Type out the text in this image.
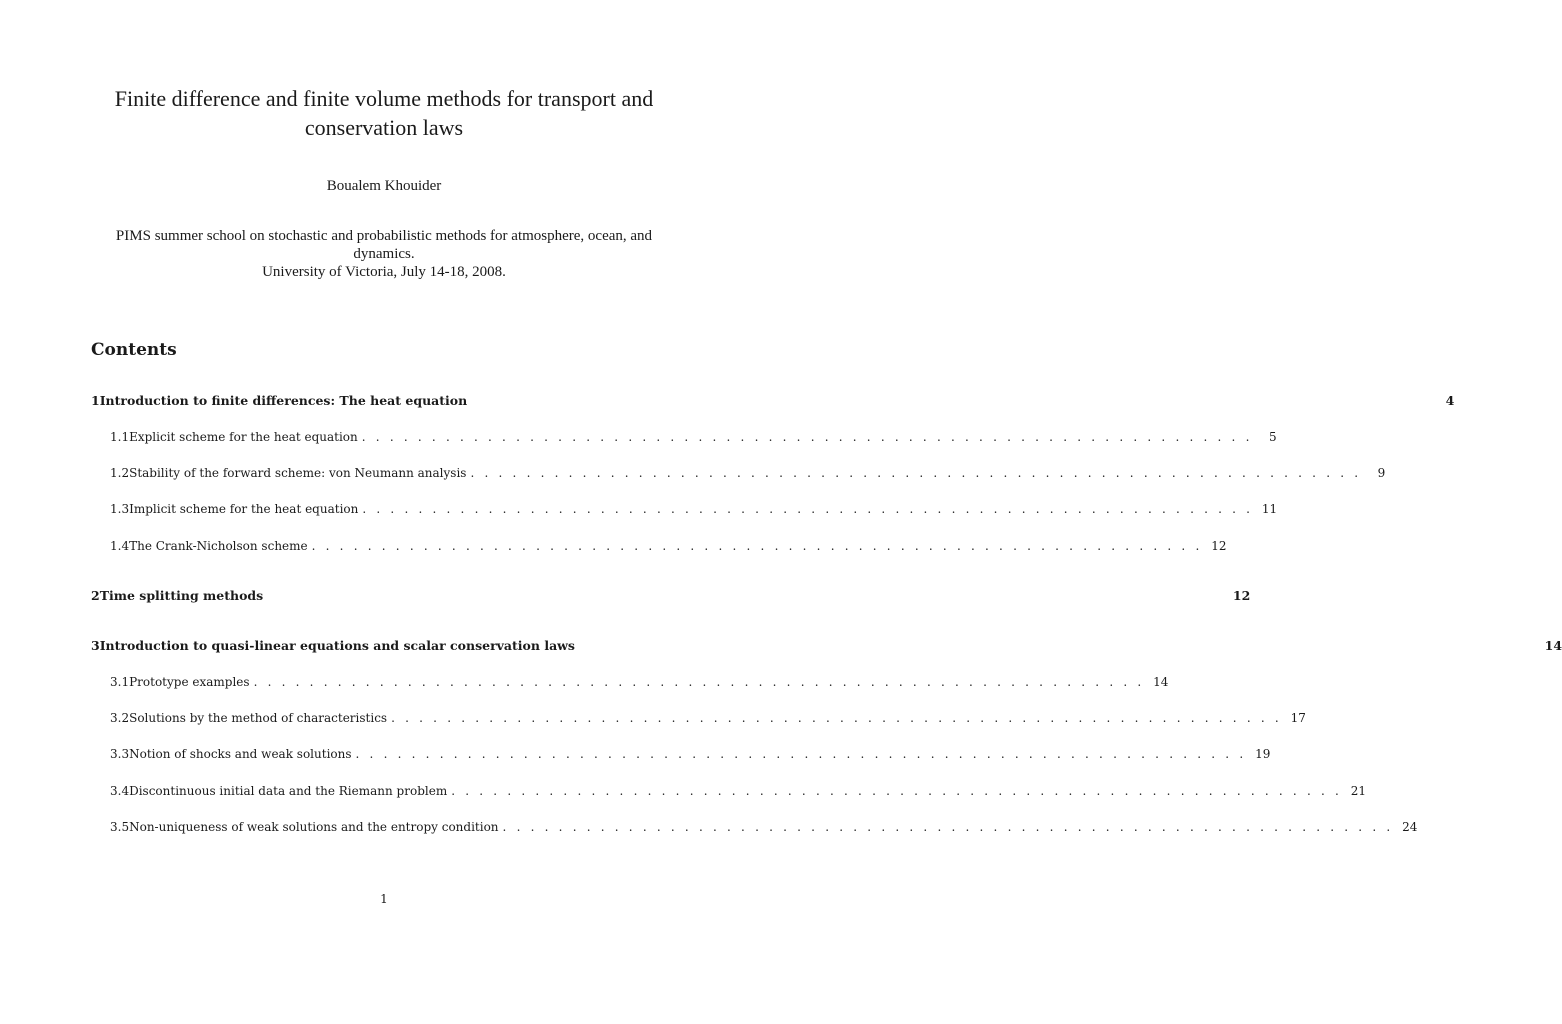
Finite difference and finite volume methods for transport and
conservation laws
Boualem Khouider
PIMS summer school on stochastic and probabilistic methods for atmosphere, ocean, and
dynamics.
University of Victoria, July 14-18, 2008.
Contents
1 Introduction to finite differences: The heat equation	4
1.1 Explicit scheme for the heat equation . . . . . . . . . . . . . . . . . . . . . . . . . . . . . . . . . . . . . . . . . . . . . . . . . . . . . . . . . . . . . . . .	5
1.2 Stability of the forward scheme: von Neumann analysis . . . . . . . . . . . . . . . . . . . . . . . . . . . . . . . . . . . . . . . . . . . . . . . . . . . . . . . . . . . . . . . .	9
1.3 Implicit scheme for the heat equation . . . . . . . . . . . . . . . . . . . . . . . . . . . . . . . . . . . . . . . . . . . . . . . . . . . . . . . . . . . . . . . . 11
1.4 The Crank-Nicholson scheme . . . . . . . . . . . . . . . . . . . . . . . . . . . . . . . . . . . . . . . . . . . . . . . . . . . . . . . . . . . . . . . . 12
2 Time splitting methods	12
3 Introduction to quasi-linear equations and scalar conservation laws	14
3.1 Prototype examples . . . . . . . . . . . . . . . . . . . . . . . . . . . . . . . . . . . . . . . . . . . . . . . . . . . . . . . . . . . . . . . . 14
3.2 Solutions by the method of characteristics . . . . . . . . . . . . . . . . . . . . . . . . . . . . . . . . . . . . . . . . . . . . . . . . . . . . . . . . . . . . . . . . 17
3.3 Notion of shocks and weak solutions . . . . . . . . . . . . . . . . . . . . . . . . . . . . . . . . . . . . . . . . . . . . . . . . . . . . . . . . . . . . . . . . 19
3.4 Discontinuous initial data and the Riemann problem . . . . . . . . . . . . . . . . . . . . . . . . . . . . . . . . . . . . . . . . . . . . . . . . . . . . . . . . . . . . . . . . 21
3.5 Non-uniqueness of weak solutions and the entropy condition . . . . . . . . . . . . . . . . . . . . . . . . . . . . . . . . . . . . . . . . . . . . . . . . . . . . . . . . . . . . . . . . 24
1
